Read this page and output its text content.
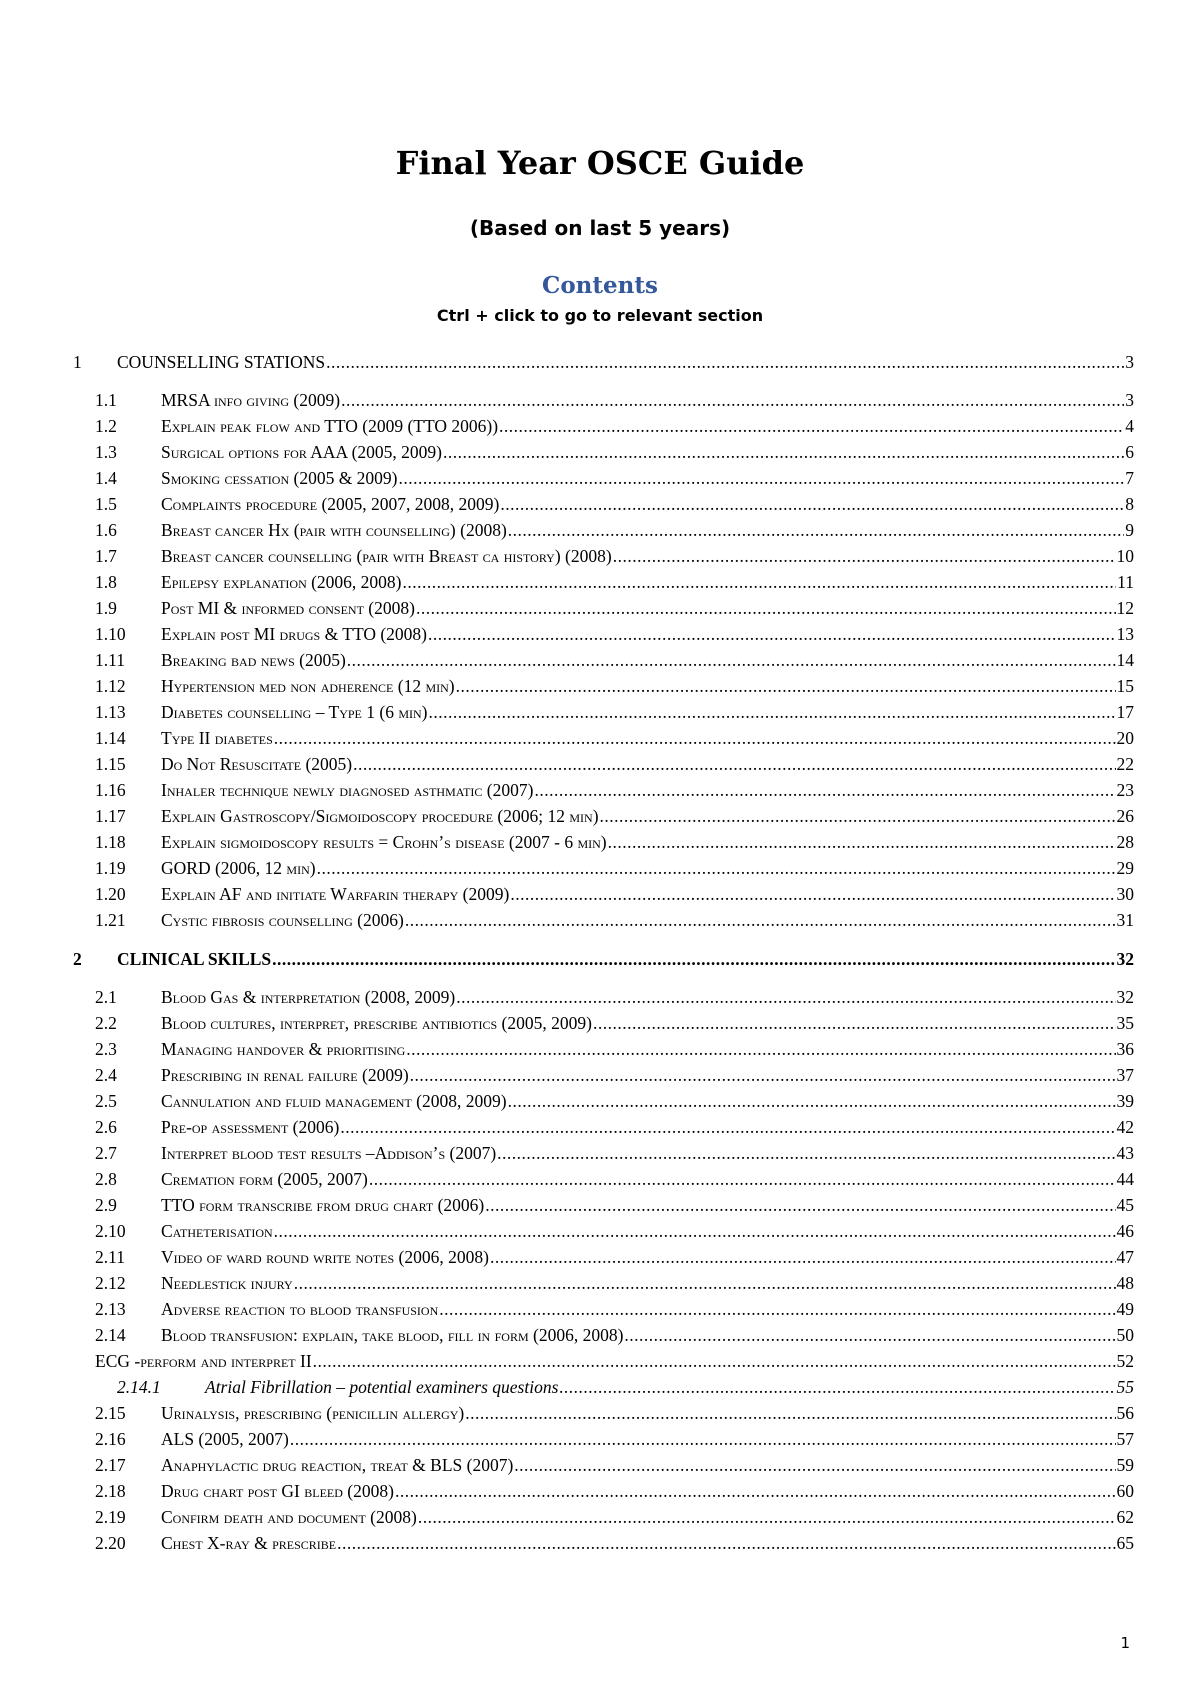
Final Year OSCE Guide
(Based on last 5 years)
Contents
Ctrl + click to go to relevant section
1	COUNSELLING STATIONS .....	3
1.1	MRSA info giving (2009) .....	3
1.2	Explain peak flow and TTO (2009 (TTO 2006)) .....	4
1.3	Surgical options for AAA (2005, 2009) .....	6
1.4	Smoking cessation (2005 & 2009) .....	7
1.5	Complaints procedure (2005, 2007, 2008, 2009) .....	8
1.6	Breast cancer Hx (pair with counselling) (2008) .....	9
1.7	Breast cancer counselling (pair with Breast ca history) (2008) .....	10
1.8	Epilepsy explanation (2006, 2008) .....	11
1.9	Post MI & informed consent (2008) .....	12
1.10	Explain post MI drugs & TTO (2008) .....	13
1.11	Breaking bad news (2005) .....	14
1.12	Hypertension med non adherence (12 min) .....	15
1.13	Diabetes counselling – Type 1 (6 min) .....	17
1.14	Type II diabetes .....	20
1.15	Do Not Resuscitate (2005) .....	22
1.16	Inhaler technique newly diagnosed asthmatic (2007) .....	23
1.17	Explain Gastroscopy/Sigmoidoscopy procedure (2006; 12 min) .....	26
1.18	Explain sigmoidoscopy results = Crohn’s disease (2007 - 6 min) .....	28
1.19	GORD (2006, 12 min) .....	29
1.20	Explain AF and initiate Warfarin therapy (2009) .....	30
1.21	Cystic fibrosis counselling (2006) .....	31
2	CLINICAL SKILLS .....	32
2.1	Blood Gas & interpretation (2008, 2009) .....	32
2.2	Blood cultures, interpret, prescribe antibiotics (2005, 2009) .....	35
2.3	Managing handover & prioritising .....	36
2.4	Prescribing in renal failure (2009) .....	37
2.5	Cannulation and fluid management (2008, 2009) .....	39
2.6	Pre-op assessment (2006) .....	42
2.7	Interpret blood test results –Addison’s (2007) .....	43
2.8	Cremation form (2005, 2007) .....	44
2.9	TTO form transcribe from drug chart (2006) .....	45
2.10	Catheterisation .....	46
2.11	Video of ward round write notes (2006, 2008) .....	47
2.12	Needlestick injury .....	48
2.13	Adverse reaction to blood transfusion .....	49
2.14	Blood transfusion: explain, take blood, fill in form (2006, 2008) .....	50
ECG -perform and interpret II .....	52
2.14.1	Atrial Fibrillation – potential examiners questions .....	55
2.15	Urinalysis, prescribing (penicillin allergy) .....	56
2.16	ALS (2005, 2007) .....	57
2.17	Anaphylactic drug reaction, treat & BLS (2007) .....	59
2.18	Drug chart post GI bleed (2008) .....	60
2.19	Confirm death and document (2008) .....	62
2.20	Chest X-ray & prescribe .....	65
1
